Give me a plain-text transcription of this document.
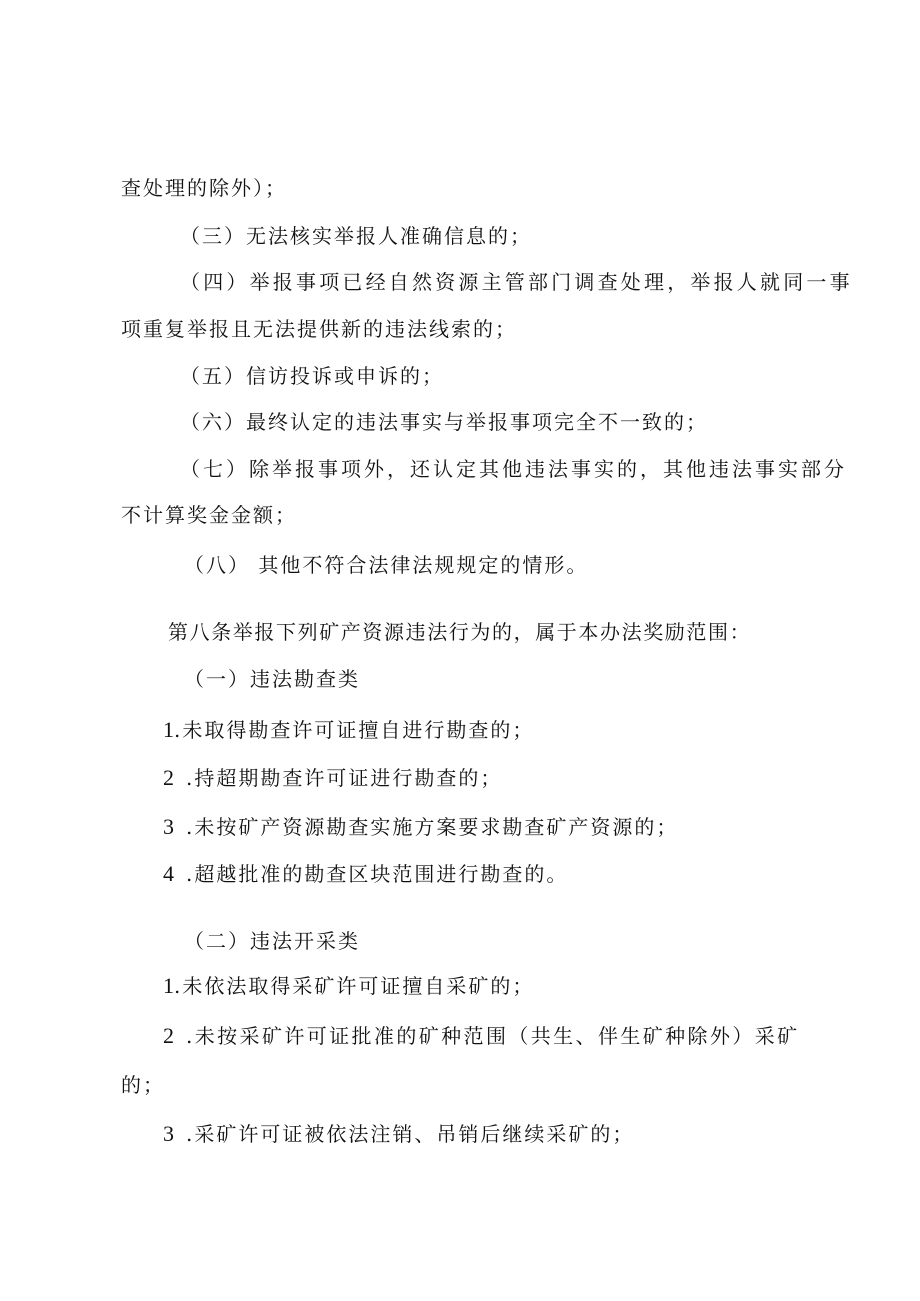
查处理的除外）；
（三）无法核实举报人准确信息的；
（四）举报事项已经自然资源主管部门调查处理，举报人就同一事
项重复举报且无法提供新的违法线索的；
（五）信访投诉或申诉的；
（六）最终认定的违法事实与举报事项完全不一致的；
（七）除举报事项外，还认定其他违法事实的，其他违法事实部分
不计算奖金金额；
（八） 其他不符合法律法规规定的情形。
第八条举报下列矿产资源违法行为的，属于本办法奖励范围：
（一）违法勘查类
1.未取得勘查许可证擅自进行勘查的；
2 .持超期勘查许可证进行勘查的；
3 .未按矿产资源勘查实施方案要求勘查矿产资源的；
4 .超越批准的勘查区块范围进行勘查的。
（二）违法开采类
1.未依法取得采矿许可证擅自采矿的；
2 .未按采矿许可证批准的矿种范围（共生、伴生矿种除外）采矿
的；
3 .采矿许可证被依法注销、吊销后继续采矿的；
